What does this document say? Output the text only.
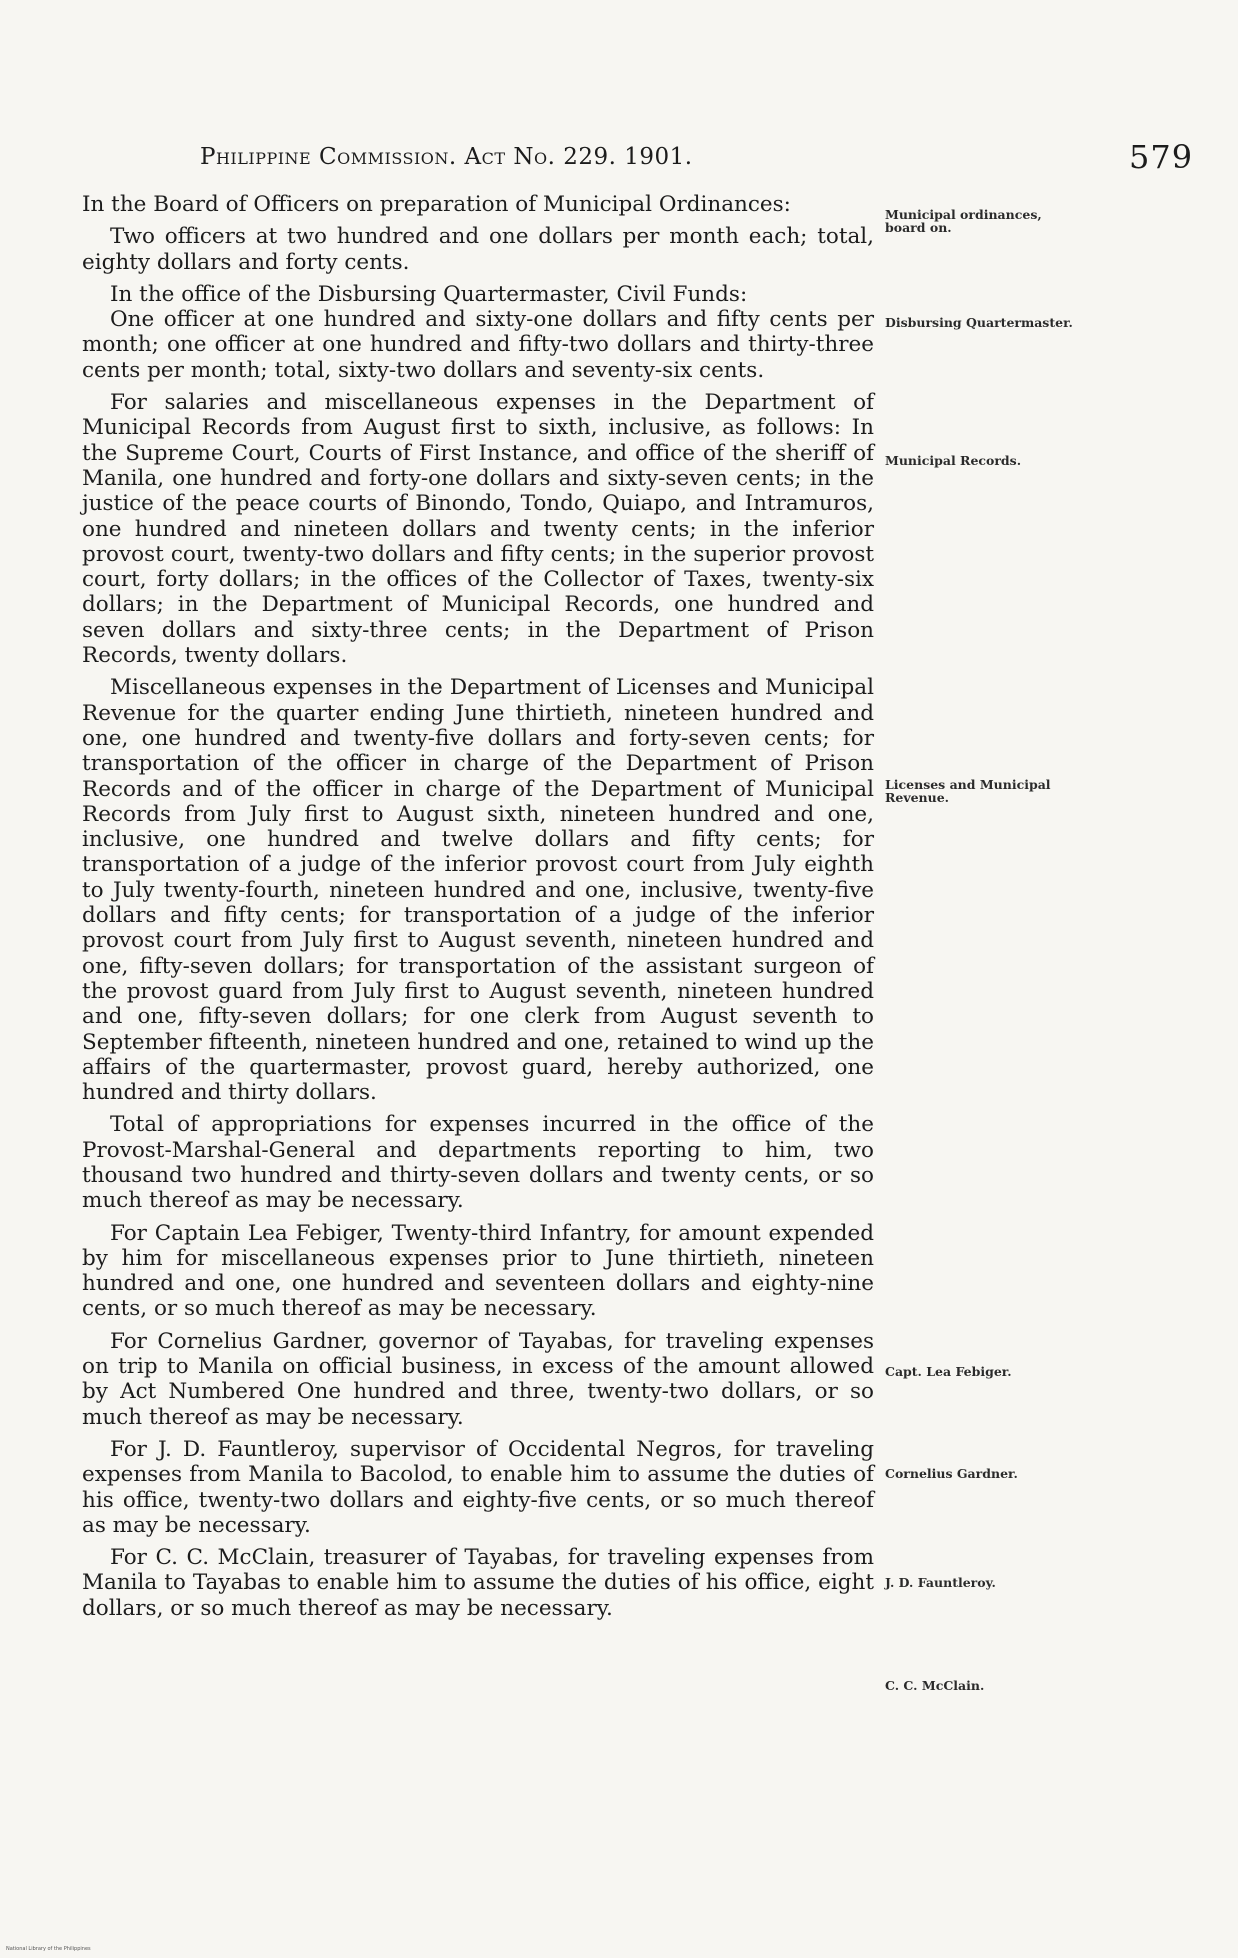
Philippine Commission. Act No. 229. 1901.	579

In the Board of Officers on preparation of Municipal Ordinances:

Two officers at two hundred and one dollars per month each; total, eighty dollars and forty cents.

In the office of the Disbursing Quartermaster, Civil Funds:

One officer at one hundred and sixty-one dollars and fifty cents per month; one officer at one hundred and fifty-two dollars and thirty-three cents per month; total, sixty-two dollars and seventy-six cents.

For salaries and miscellaneous expenses in the Department of Municipal Records from August first to sixth, inclusive, as follows: In the Supreme Court, Courts of First Instance, and office of the sheriff of Manila, one hundred and forty-one dollars and sixty-seven cents; in the justice of the peace courts of Binondo, Tondo, Quiapo, and Intramuros, one hundred and nineteen dollars and twenty cents; in the inferior provost court, twenty-two dollars and fifty cents; in the superior provost court, forty dollars; in the offices of the Collector of Taxes, twenty-six dollars; in the Department of Municipal Records, one hundred and seven dollars and sixty-three cents; in the Department of Prison Records, twenty dollars.

Miscellaneous expenses in the Department of Licenses and Municipal Revenue for the quarter ending June thirtieth, nineteen hundred and one, one hundred and twenty-five dollars and forty-seven cents; for transportation of the officer in charge of the Department of Prison Records and of the officer in charge of the Department of Municipal Records from July first to August sixth, nineteen hundred and one, inclusive, one hundred and twelve dollars and fifty cents; for transportation of a judge of the inferior provost court from July eighth to July twenty-fourth, nineteen hundred and one, inclusive, twenty-five dollars and fifty cents; for transportation of a judge of the inferior provost court from July first to August seventh, nineteen hundred and one, fifty-seven dollars; for transportation of the assistant surgeon of the provost guard from July first to August seventh, nineteen hundred and one, fifty-seven dollars; for one clerk from August seventh to September fifteenth, nineteen hundred and one, retained to wind up the affairs of the quartermaster, provost guard, hereby authorized, one hundred and thirty dollars.

Total of appropriations for expenses incurred in the office of the Provost-Marshal-General and departments reporting to him, two thousand two hundred and thirty-seven dollars and twenty cents, or so much thereof as may be necessary.

For Captain Lea Febiger, Twenty-third Infantry, for amount expended by him for miscellaneous expenses prior to June thirtieth, nineteen hundred and one, one hundred and seventeen dollars and eighty-nine cents, or so much thereof as may be necessary.

For Cornelius Gardner, governor of Tayabas, for traveling expenses on trip to Manila on official business, in excess of the amount allowed by Act Numbered One hundred and three, twenty-two dollars, or so much thereof as may be necessary.

For J. D. Fauntleroy, supervisor of Occidental Negros, for traveling expenses from Manila to Bacolod, to enable him to assume the duties of his office, twenty-two dollars and eighty-five cents, or so much thereof as may be necessary.

For C. C. McClain, treasurer of Tayabas, for traveling expenses from Manila to Tayabas to enable him to assume the duties of his office, eight dollars, or so much thereof as may be necessary.

Municipal ordinances, board on.
Disbursing Quartermaster.
Municipal Records.
Licenses and Municipal Revenue.
Capt. Lea Febiger.
Cornelius Gardner.
J. D. Fauntleroy.
C. C. McClain.
National Library of the Philippines
